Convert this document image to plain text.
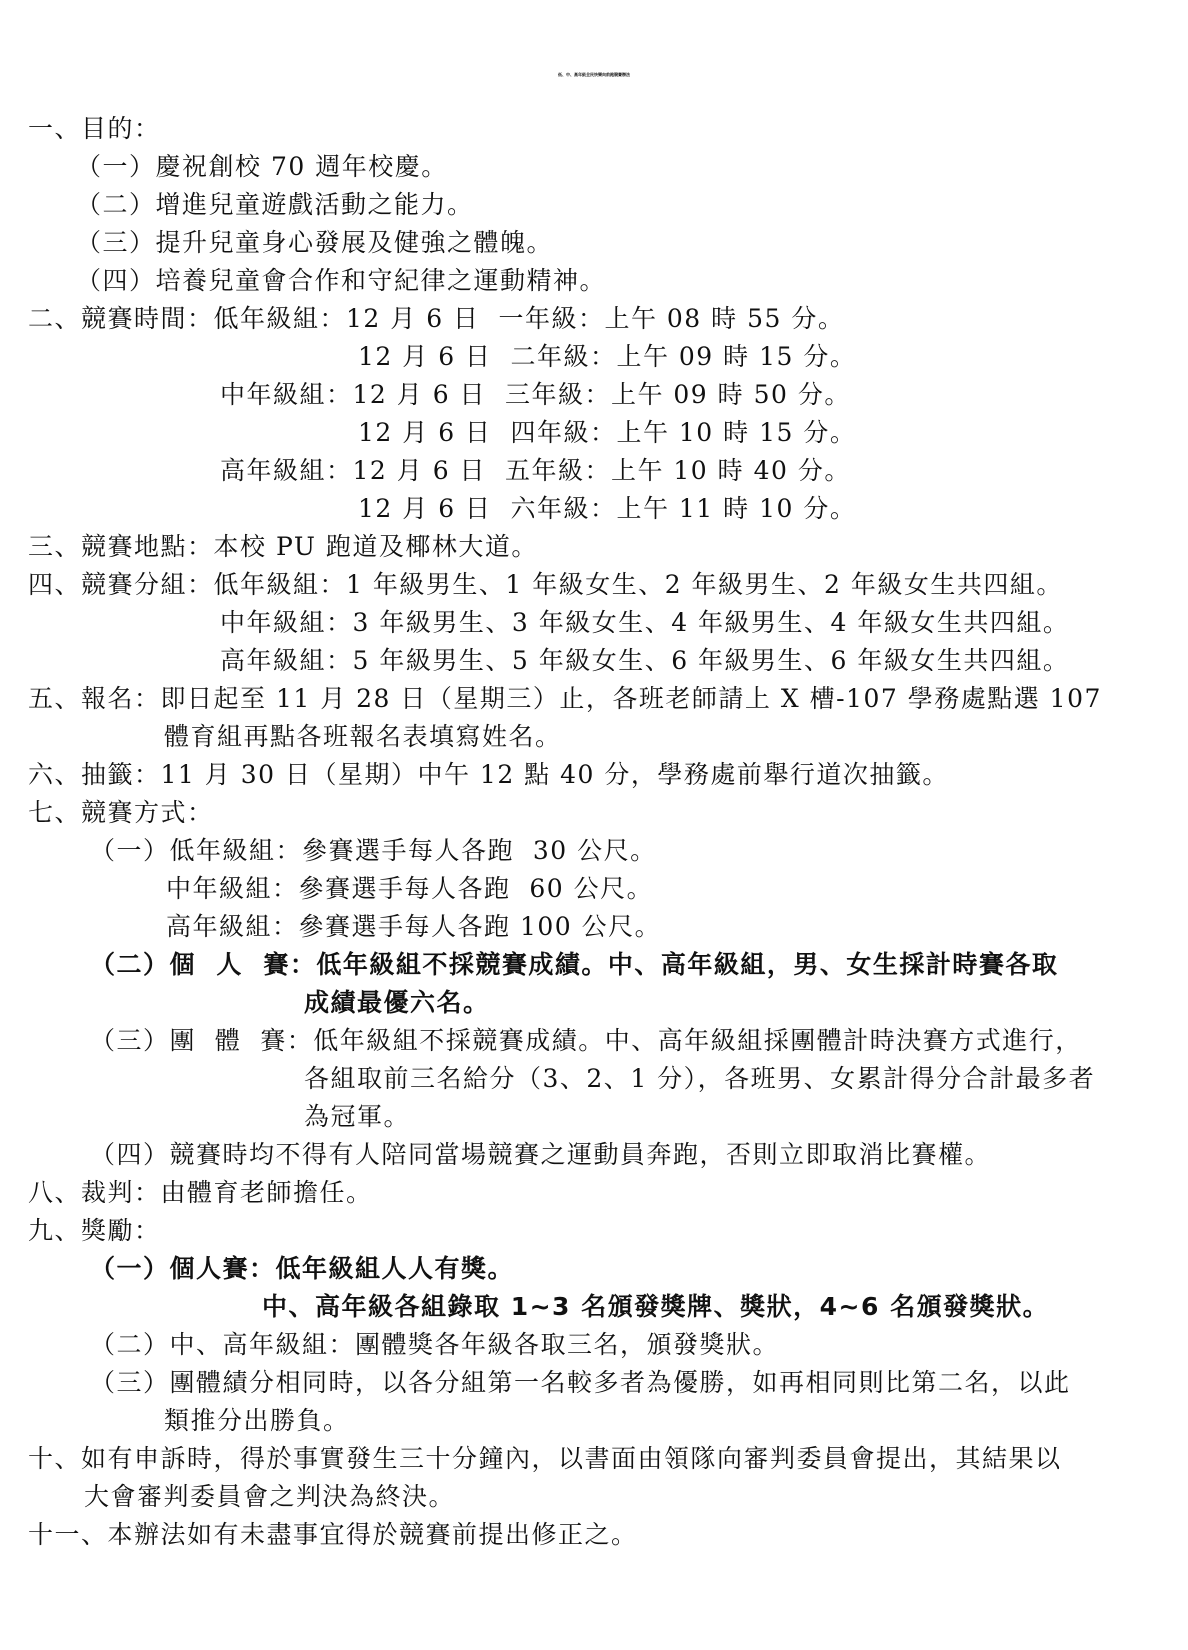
低、中、高年級全民快樂向前跑競賽辦法
一、目的：
（一）慶祝創校 70 週年校慶。
（二）增進兒童遊戲活動之能力。
（三）提升兒童身心發展及健強之體魄。
（四）培養兒童會合作和守紀律之運動精神。
二、競賽時間：低年級組：12 月 6 日  一年級：上午 08 時 55 分。
12 月 6 日  二年級：上午 09 時 15 分。
中年級組：12 月 6 日  三年級：上午 09 時 50 分。
12 月 6 日  四年級：上午 10 時 15 分。
高年級組：12 月 6 日  五年級：上午 10 時 40 分。
12 月 6 日  六年級：上午 11 時 10 分。
三、競賽地點：本校 PU 跑道及椰林大道。
四、競賽分組：低年級組：1 年級男生、1 年級女生、2 年級男生、2 年級女生共四組。
中年級組：3 年級男生、3 年級女生、4 年級男生、4 年級女生共四組。
高年級組：5 年級男生、5 年級女生、6 年級男生、6 年級女生共四組。
五、報名：即日起至 11 月 28 日（星期三）止，各班老師請上 X 槽-107 學務處點選 107
體育組再點各班報名表填寫姓名。
六、抽籤：11 月 30 日（星期）中午 12 點 40 分，學務處前舉行道次抽籤。
七、競賽方式：
（一）低年級組：參賽選手每人各跑  30 公尺。
中年級組：參賽選手每人各跑  60 公尺。
高年級組：參賽選手每人各跑 100 公尺。
（二）個  人  賽：低年級組不採競賽成績。中、高年級組，男、女生採計時賽各取
成績最優六名。
（三）團  體  賽：低年級組不採競賽成績。中、高年級組採團體計時決賽方式進行，
各組取前三名給分（3、2、1 分），各班男、女累計得分合計最多者
為冠軍。
（四）競賽時均不得有人陪同當場競賽之運動員奔跑，否則立即取消比賽權。
八、裁判：由體育老師擔任。
九、獎勵：
（一）個人賽：低年級組人人有獎。
中、高年級各組錄取 1~3 名頒發獎牌、獎狀，4~6 名頒發獎狀。
（二）中、高年級組：團體獎各年級各取三名，頒發獎狀。
（三）團體績分相同時，以各分組第一名較多者為優勝，如再相同則比第二名，以此
類推分出勝負。
十、如有申訴時，得於事實發生三十分鐘內，以書面由領隊向審判委員會提出，其結果以
大會審判委員會之判決為終決。
十一、本辦法如有未盡事宜得於競賽前提出修正之。
